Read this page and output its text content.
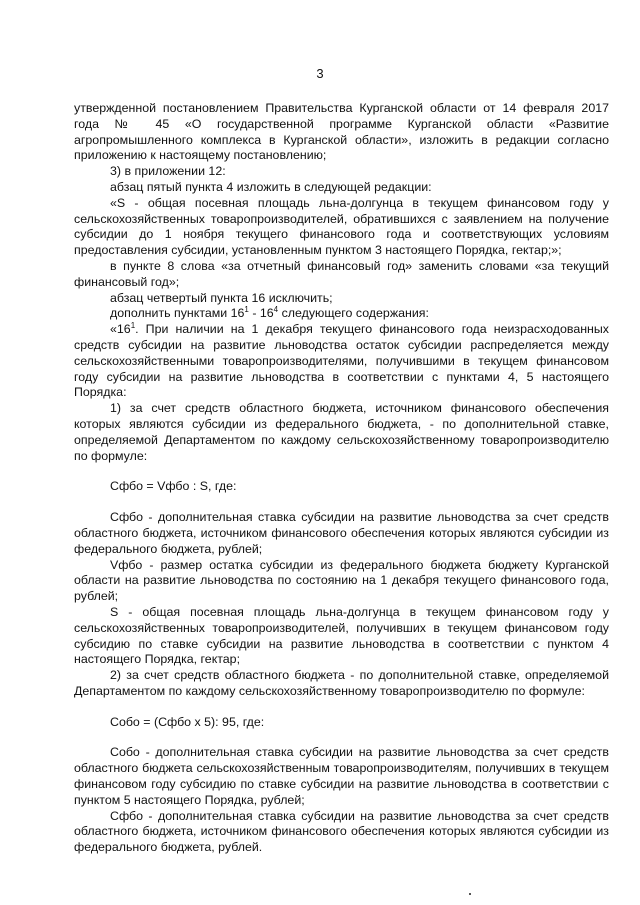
3

утвержденной постановлением Правительства Курганской области от 14 февраля 2017 года № 45 «О государственной программе Курганской области «Развитие агропромышленного комплекса в Курганской области», изложить в редакции согласно приложению к настоящему постановлению;

3) в приложении 12:

абзац пятый пункта 4 изложить в следующей редакции:

«S - общая посевная площадь льна-долгунца в текущем финансовом году у сельскохозяйственных товаропроизводителей, обратившихся с заявлением на получение субсидии до 1 ноября текущего финансового года и соответствующих условиям предоставления субсидии, установленным пунктом 3 настоящего Порядка, гектар;»;

в пункте 8 слова «за отчетный финансовый год» заменить словами «за текущий финансовый год»;

абзац четвертый пункта 16 исключить;

дополнить пунктами $16^1 - 16^4$ следующего содержания:

«$16^1$. При наличии на 1 декабря текущего финансового года неизрасходованных средств субсидии на развитие льноводства остаток субсидии распределяется между сельскохозяйственными товаропроизводителями, получившими в текущем финансовом году субсидии на развитие льноводства в соответствии с пунктами 4, 5 настоящего Порядка:

1) за счет средств областного бюджета, источником финансового обеспечения которых являются субсидии из федерального бюджета, - по дополнительной ставке, определяемой Департаментом по каждому сельскохозяйственному товаропроизводителю по формуле:

Сфбо = Vфбо : S, где:

Сфбо - дополнительная ставка субсидии на развитие льноводства за счет средств областного бюджета, источником финансового обеспечения которых являются субсидии из федерального бюджета, рублей;

Vфбо - размер остатка субсидии из федерального бюджета бюджету Курганской области на развитие льноводства по состоянию на 1 декабря текущего финансового года, рублей;

S - общая посевная площадь льна-долгунца в текущем финансовом году у сельскохозяйственных товаропроизводителей, получивших в текущем финансовом году субсидию по ставке субсидии на развитие льноводства в соответствии с пунктом 4 настоящего Порядка, гектар;

2) за счет средств областного бюджета - по дополнительной ставке, определяемой Департаментом по каждому сельскохозяйственному товаропроизводителю по формуле:

Собо = (Сфбо х 5): 95, где:

Собо - дополнительная ставка субсидии на развитие льноводства за счет средств областного бюджета сельскохозяйственным товаропроизводителям, получивших в текущем финансовом году субсидию по ставке субсидии на развитие льноводства в соответствии с пунктом 5 настоящего Порядка, рублей;

Сфбо - дополнительная ставка субсидии на развитие льноводства за счет средств областного бюджета, источником финансового обеспечения которых являются субсидии из федерального бюджета, рублей.
